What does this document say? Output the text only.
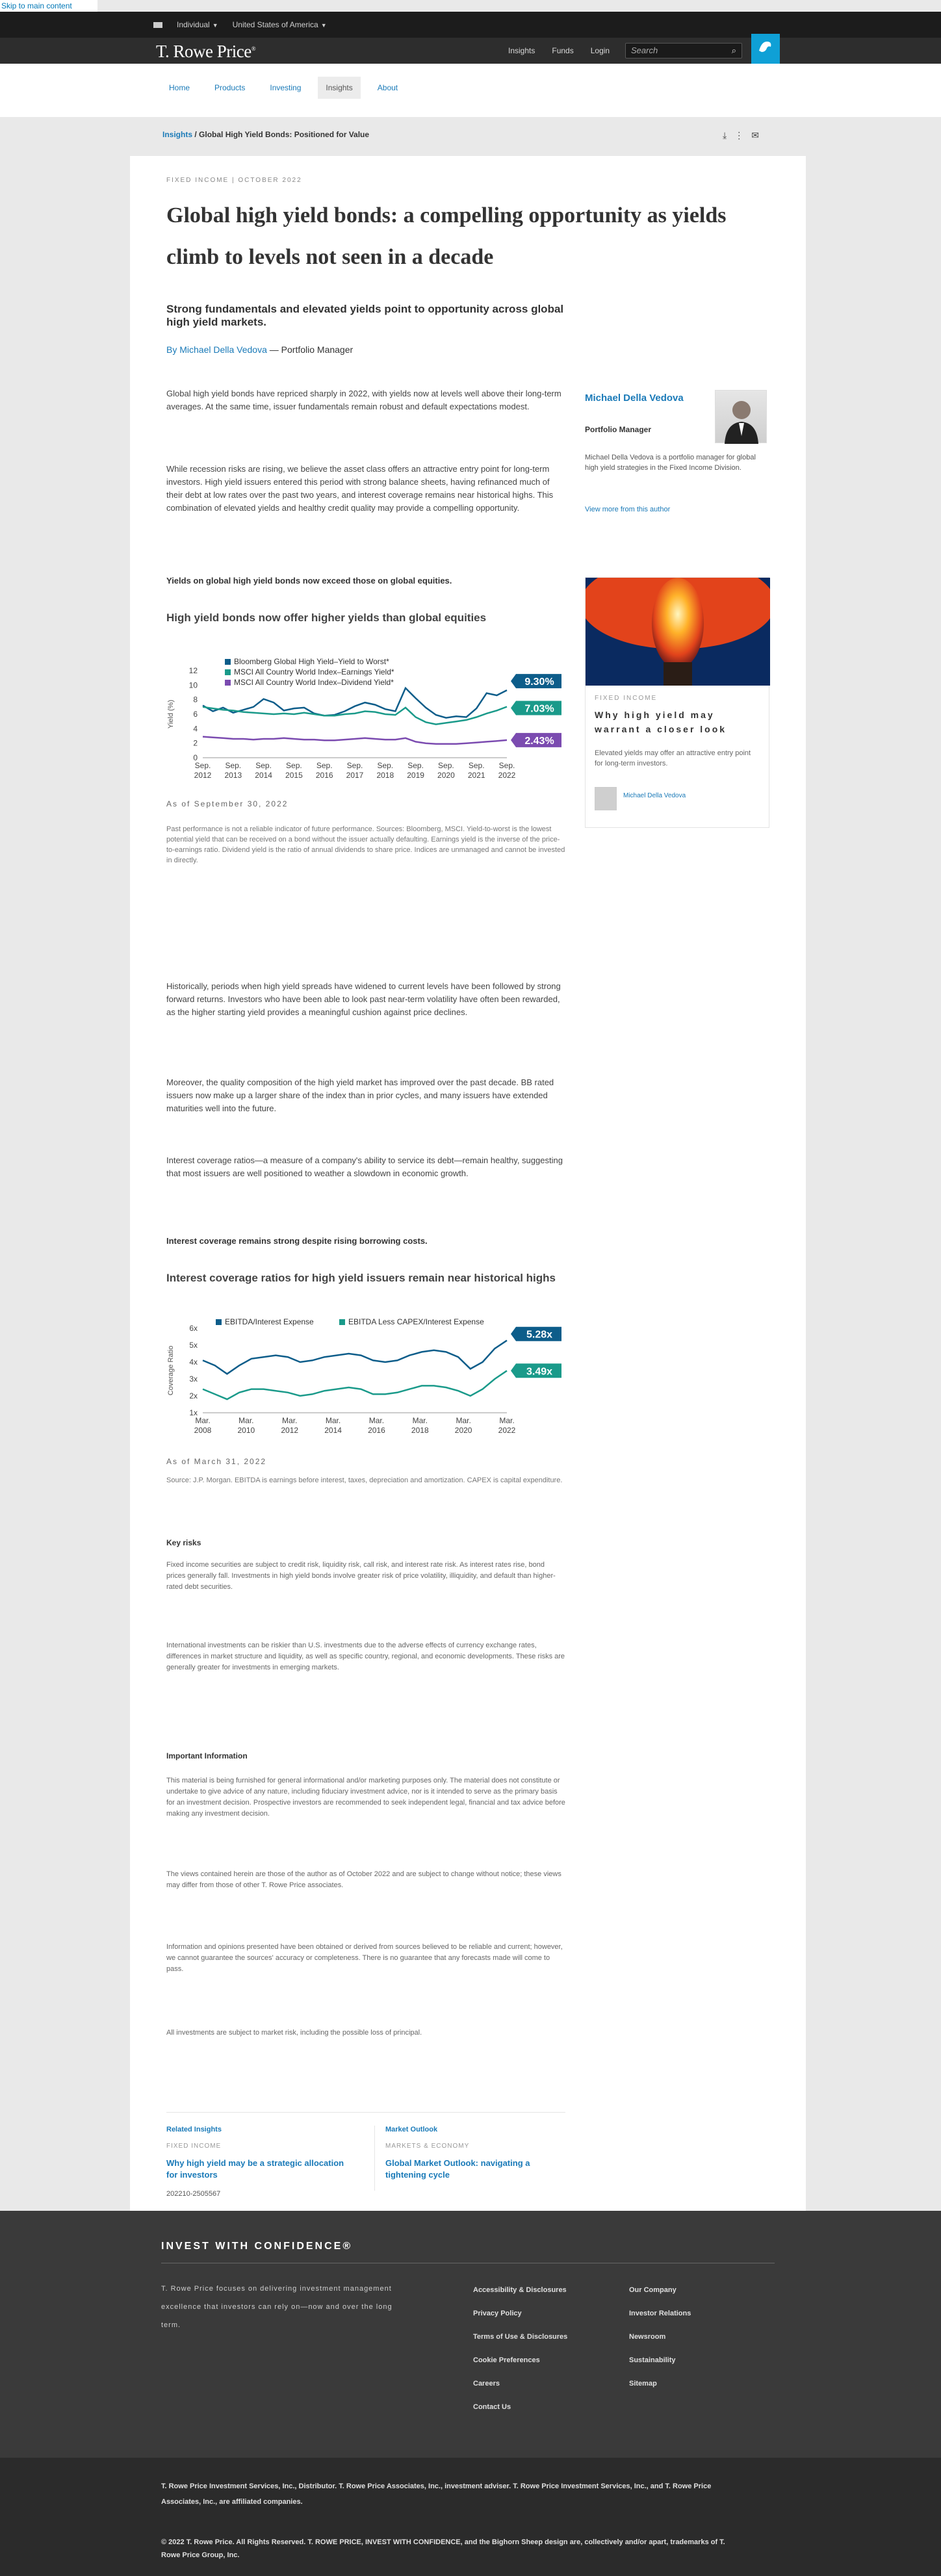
Skip to main content
Individual ▼ United States of America ▼
T. Rowe Price®	Insights Funds Login	Search	⌕
Home	Products	Investing	Insights	About
Insights / Global High Yield Bonds: Positioned for Value	⤓ ⋮ ✉
FIXED INCOME | OCTOBER 2022
Global high yield bonds: a compelling opportunity as yields climb to levels not seen in a decade
Strong fundamentals and elevated yields point to opportunity across global high yield markets.
By Michael Della Vedova — Portfolio Manager

Global high yield bonds have repriced sharply in 2022, with yields now at levels well above their long-term averages. At the same time, issuer fundamentals remain robust and default expectations modest.

While recession risks are rising, we believe the asset class offers an attractive entry point for long-term investors. High yield issuers entered this period with strong balance sheets, having refinanced much of their debt at low rates over the past two years, and interest coverage remains near historical highs. This combination of elevated yields and healthy credit quality may provide a compelling opportunity.

Yields on global high yield bonds now exceed those on global equities.

High yield bonds now offer higher yields than global equities
Yield (%)
0
2
4
6
8
10
12
Sep. 2012
Sep. 2013
Sep. 2014
Sep. 2015
Sep. 2016
Sep. 2017
Sep. 2018
Sep. 2019
Sep. 2020
Sep. 2021
Sep. 2022
9.30%
Bloomberg Global High Yield–Yield to Worst*
7.03%
MSCI All Country World Index–Earnings Yield*
2.43%
MSCI All Country World Index–Dividend Yield*
As of September 30, 2022

Past performance is not a reliable indicator of future performance. Sources: Bloomberg, MSCI. Yield-to-worst is the lowest potential yield that can be received on a bond without the issuer actually defaulting. Earnings yield is the inverse of the price-to-earnings ratio. Dividend yield is the ratio of annual dividends to share price. Indices are unmanaged and cannot be invested in directly.

Historically, periods when high yield spreads have widened to current levels have been followed by strong forward returns. Investors who have been able to look past near-term volatility have often been rewarded, as the higher starting yield provides a meaningful cushion against price declines.

Moreover, the quality composition of the high yield market has improved over the past decade. BB rated issuers now make up a larger share of the index than in prior cycles, and many issuers have extended maturities well into the future.

Interest coverage ratios—a measure of a company's ability to service its debt—remain healthy, suggesting that most issuers are well positioned to weather a slowdown in economic growth.

Interest coverage remains strong despite rising borrowing costs.

Interest coverage ratios for high yield issuers remain near historical highs
Coverage Ratio
1x
2x
3x
4x
5x
6x
Mar. 2008
Mar. 2010
Mar. 2012
Mar. 2014
Mar. 2016
Mar. 2018
Mar. 2020
Mar. 2022
5.28x
EBITDA/Interest Expense
3.49x
EBITDA Less CAPEX/Interest Expense
As of March 31, 2022

Source: J.P. Morgan. EBITDA is earnings before interest, taxes, depreciation and amortization. CAPEX is capital expenditure.

Key risks

Fixed income securities are subject to credit risk, liquidity risk, call risk, and interest rate risk. As interest rates rise, bond prices generally fall. Investments in high yield bonds involve greater risk of price volatility, illiquidity, and default than higher-rated debt securities.

International investments can be riskier than U.S. investments due to the adverse effects of currency exchange rates, differences in market structure and liquidity, as well as specific country, regional, and economic developments. These risks are generally greater for investments in emerging markets.

Important Information

This material is being furnished for general informational and/or marketing purposes only. The material does not constitute or undertake to give advice of any nature, including fiduciary investment advice, nor is it intended to serve as the primary basis for an investment decision. Prospective investors are recommended to seek independent legal, financial and tax advice before making any investment decision.

The views contained herein are those of the author as of October 2022 and are subject to change without notice; these views may differ from those of other T. Rowe Price associates.

Information and opinions presented have been obtained or derived from sources believed to be reliable and current; however, we cannot guarantee the sources' accuracy or completeness. There is no guarantee that any forecasts made will come to pass.

All investments are subject to market risk, including the possible loss of principal.

Related Insights
FIXED INCOME
Why high yield may be a strategic allocation for investors
Market Outlook
MARKETS & ECONOMY
Global Market Outlook: navigating a tightening cycle
202210-2505567
Michael Della Vedova
Portfolio Manager
Michael Della Vedova is a portfolio manager for global high yield strategies in the Fixed Income Division.
View more from this author
FIXED INCOME
Why high yield may warrant a closer look
Elevated yields may offer an attractive entry point for long-term investors.
Michael Della Vedova
INVEST WITH CONFIDENCE®
T. Rowe Price focuses on delivering investment management excellence that investors can rely on—now and over the long term.
Accessibility & Disclosures
Privacy Policy
Terms of Use & Disclosures
Cookie Preferences
Careers
Contact Us
Our Company
Investor Relations
Newsroom
Sustainability
Sitemap
T. Rowe Price Investment Services, Inc., Distributor. T. Rowe Price Associates, Inc., investment adviser. T. Rowe Price Investment Services, Inc., and T. Rowe Price Associates, Inc., are affiliated companies.
© 2022 T. Rowe Price. All Rights Reserved. T. ROWE PRICE, INVEST WITH CONFIDENCE, and the Bighorn Sheep design are, collectively and/or apart, trademarks of T. Rowe Price Group, Inc.
